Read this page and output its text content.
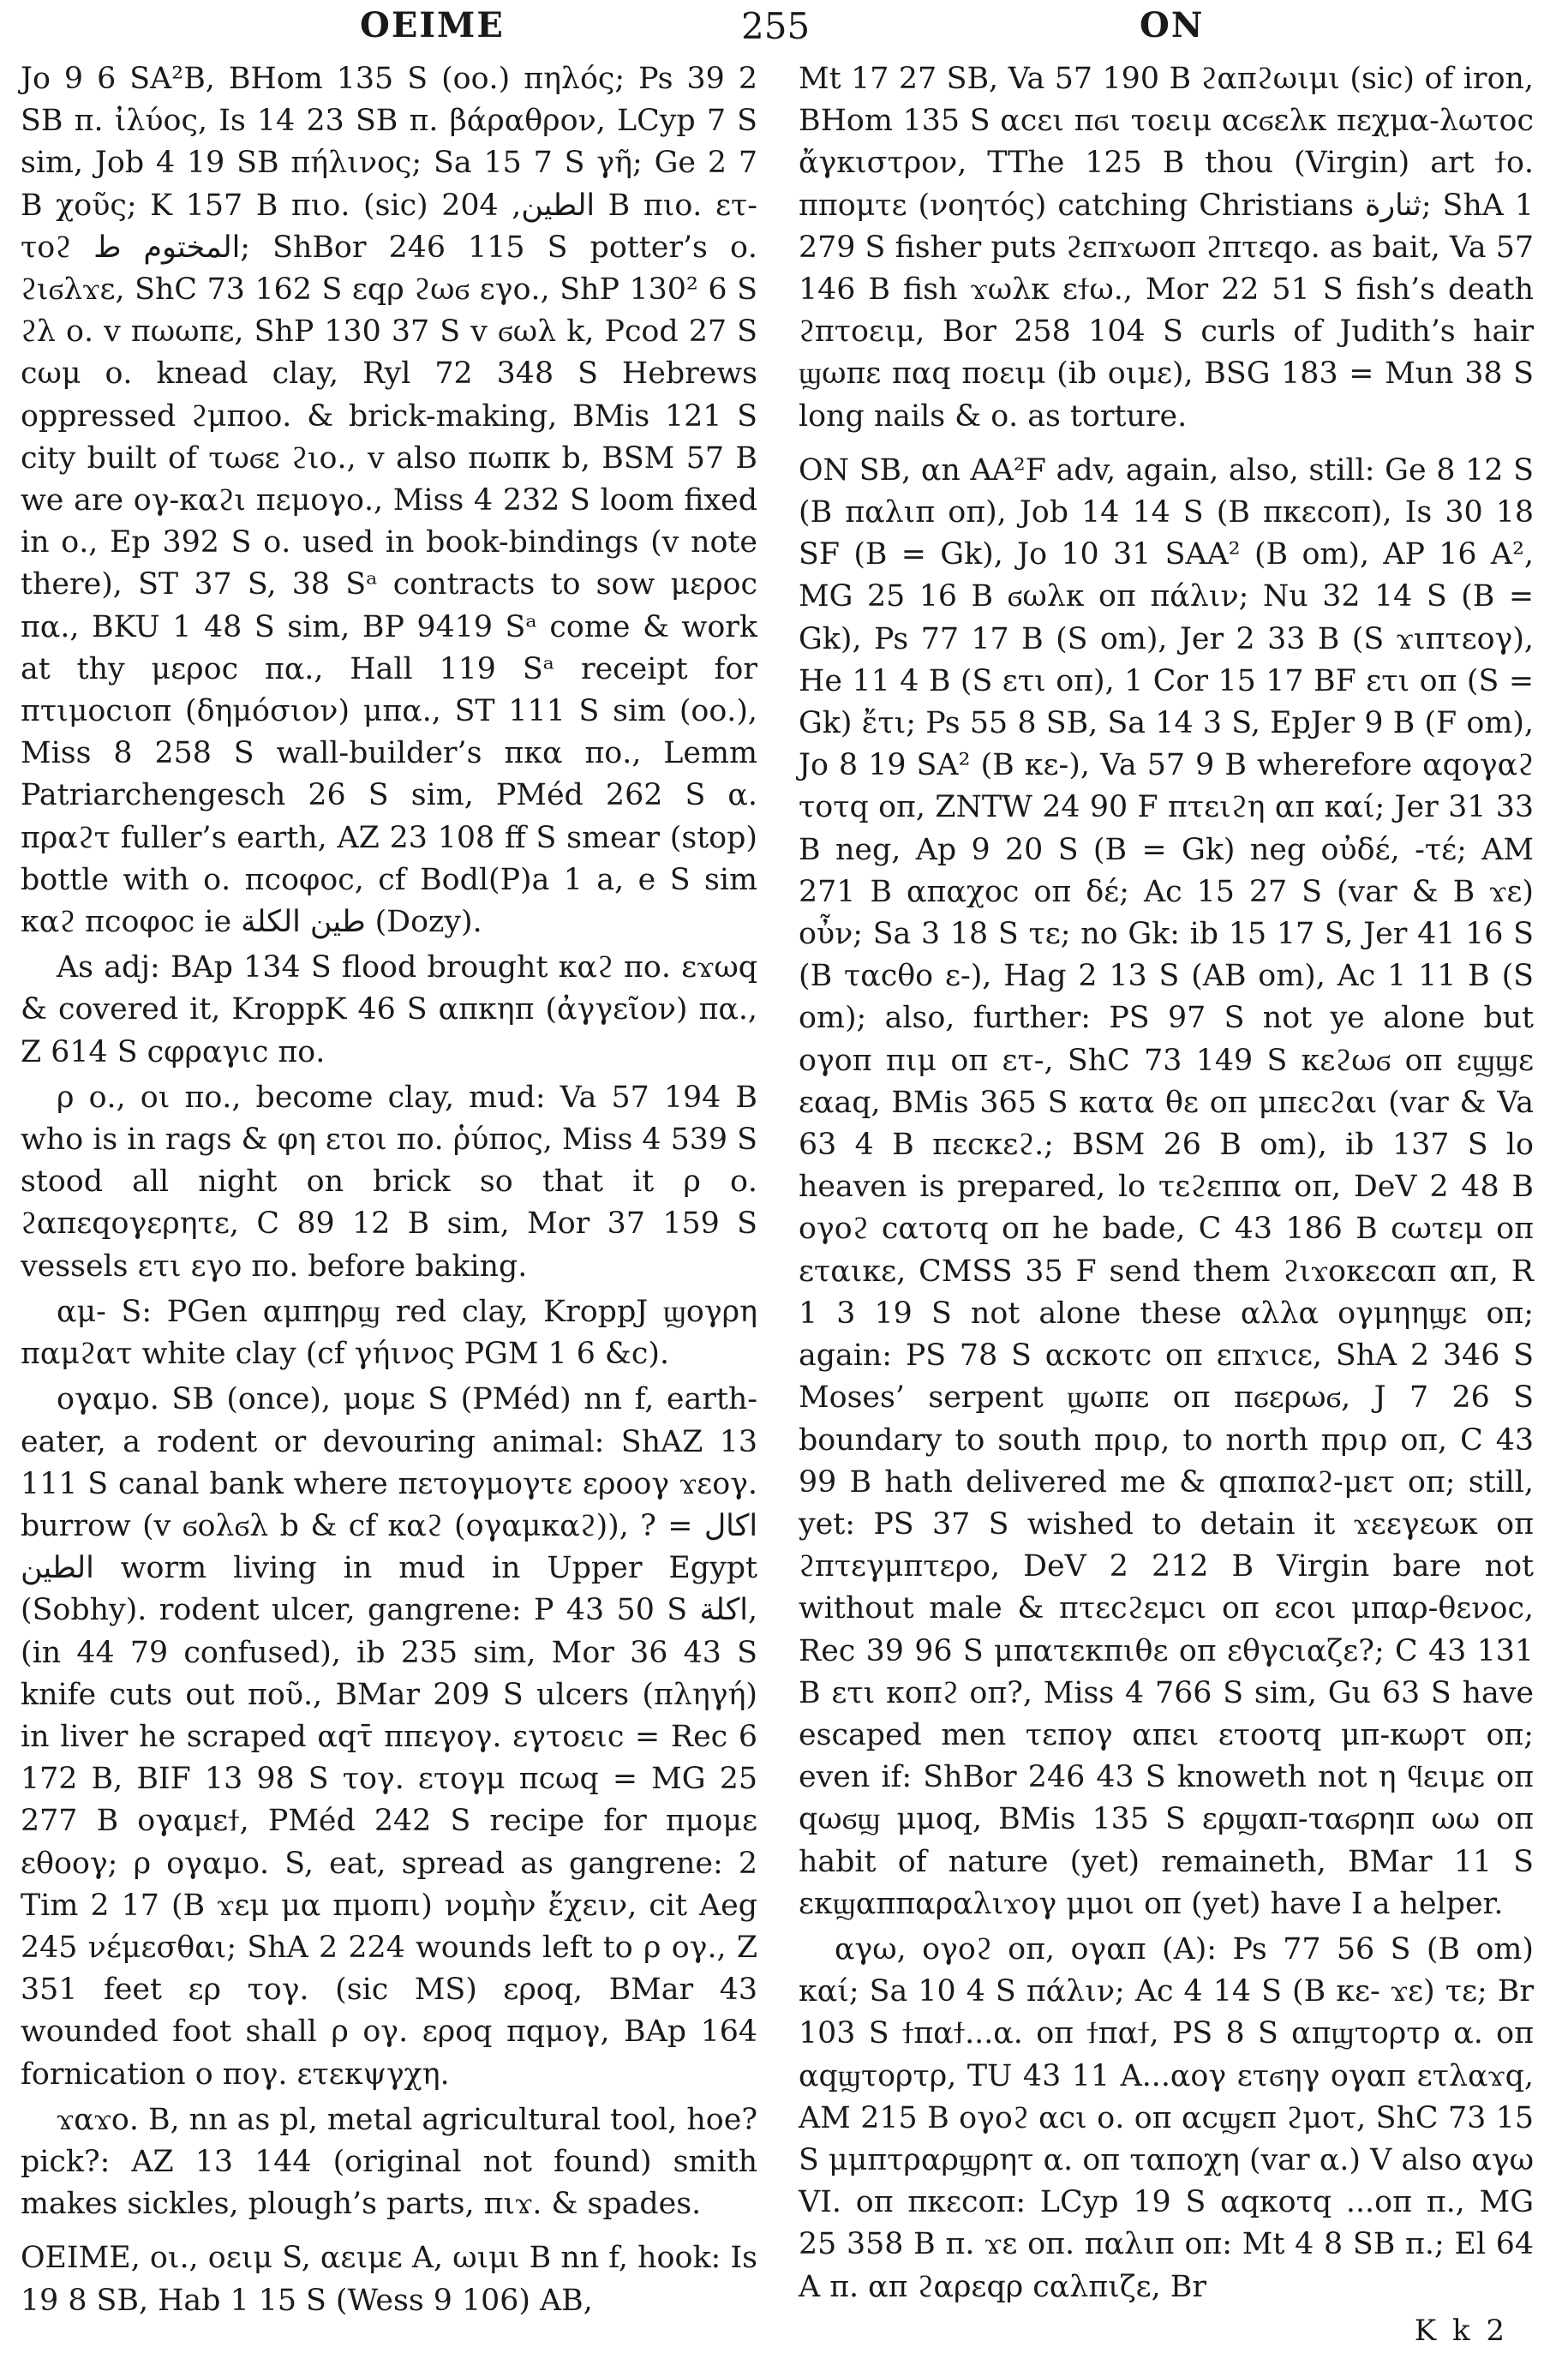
ΟΕΙΜΕ	255	ΟΝ

Jo 9 6 SA²B, BHom 135 S (οο.) πηλός; Ps 39 2 SB π. ἰλύος, Is 14 23 SB π. βάραθρον, LCyp 7 S sim, Job 4 19 SB πήλινος; Sa 15 7 S γῆ; Ge 2 7 B χοῦς; K 157 B πιο. (sic) الطين, 204 B πιο. ετ-τοϩ المختوم ط; ShBor 246 115 S potter’s ο. ϩιϭλϫε, ShC 73 162 S εqρ ϩωϭ εγο., ShP 130² 6 S ϩλ ο. v πωωπε, ShP 130 37 S v ϭωλ k, Pcod 27 S cωμ ο. knead clay, Ryl 72 348 S Hebrews oppressed ϩμποο. & brick-making, BMis 121 S city built of τωϭε ϩιο., v also πωπκ b, BSM 57 B we are ογ-καϩι πεμογο., Miss 4 232 S loom fixed in ο., Ep 392 S ο. used in book-bindings (v note there), ST 37 S, 38 Sᵃ contracts to sow μεροc πα., BKU 1 48 S sim, BP 9419 Sᵃ come & work at thy μεροc πα., Hall 119 Sᵃ receipt for πτιμοcιοπ (δημόσιον) μπα., ST 111 S sim (οο.), Miss 8 258 S wall-builder’s πκα πο., Lemm Patriarchengesch 26 S sim, PMéd 262 S α. πραϩτ fuller’s earth, AZ 23 108 ff S smear (stop) bottle with ο. πcοφοc, cf Bodl(P)a 1 a, e S sim καϩ πcοφοc ie طين الكلة (Dozy).

As adj: BAp 134 S flood brought καϩ πο. εϫωq & covered it, KroppK 46 S απκηπ (ἀγγεῖον) πα., Z 614 S cφραγιc πο.

ρ ο., οι πο., become clay, mud: Va 57 194 B who is in rags & φη ετοι πο. ῥύπος, Miss 4 539 S stood all night on brick so that it ρ ο. ϩαπεqογερητε, C 89 12 B sim, Mor 37 159 S vessels ετι εγο πο. before baking.

αμ- S: PGen αμπηρϣ red clay, KroppJ ϣογρη παμϩατ white clay (cf γήινος PGM 1 6 &c).

ογαμο. SB (once), μομε S (PMéd) nn f, earth-eater, a rodent or devouring animal: ShAZ 13 111 S canal bank where πετογμογτε εροογ ϫεογ. burrow (v ϭολϭλ b & cf καϩ (ογαμκαϩ)), ? = اكال الطين worm living in mud in Upper Egypt (Sobhy). rodent ulcer, gangrene: P 43 50 S اكلة, (in 44 79 confused), ib 235 sim, Mor 36 43 S knife cuts out ποῦ., BMar 209 S ulcers (πληγή) in liver he scraped αqτ̄ ππεγογ. εγτοειc = Rec 6 172 B, BIF 13 98 S τογ. ετογμ πcωq = MG 25 277 B ογαμεϯ, PMéd 242 S recipe for πμομε εθοογ; ρ ογαμο. S, eat, spread as gangrene: 2 Tim 2 17 (B ϫεμ μα πμοπι) νομὴν ἔχειν, cit Aeg 245 νέμεσθαι; ShA 2 224 wounds left to ρ ογ., Z 351 feet ερ τογ. (sic MS) εροq, BMar 43 wounded foot shall ρ ογ. εροq πqμογ, BAp 164 fornication ο πογ. ετεκψγχη.

ϫαϫο. B, nn as pl, metal agricultural tool, hoe? pick?: AZ 13 144 (original not found) smith makes sickles, plough’s parts, πιϫ. & spades.

ΟΕΙΜΕ, οι., οειμ S, αειμε A, ωιμι B nn f, hook: Is 19 8 SB, Hab 1 15 S (Wess 9 106) AB,

Mt 17 27 SB, Va 57 190 B ϩαπϩωιμι (sic) of iron, BHom 135 S αcει πϭι τοειμ αcϭελκ πεχμα-λωτοc ἄγκιστρον, TThe 125 B thou (Virgin) art ϯο. ππομτε (νοητός) catching Christians ثنارة; ShA 1 279 S fisher puts ϩεπϫωοπ ϩπτεqο. as bait, Va 57 146 B fish ϫωλκ εϯω., Mor 22 51 S fish’s death ϩπτοειμ, Bor 258 104 S curls of Judith’s hair ϣωπε παq ποειμ (ib οιμε), BSG 183 = Mun 38 S long nails & ο. as torture.

ΟΝ SB, αn AA²F adv, again, also, still: Ge 8 12 S (B παλιπ οπ), Job 14 14 S (B πκεcοπ), Is 30 18 SF (B = Gk), Jo 10 31 SAA² (B om), AP 16 A², MG 25 16 B ϭωλκ οπ πάλιν; Nu 32 14 S (B = Gk), Ps 77 17 B (S om), Jer 2 33 B (S ϫιπτεογ), He 11 4 B (S ετι οπ), 1 Cor 15 17 BF ετι οπ (S = Gk) ἔτι; Ps 55 8 SB, Sa 14 3 S, EpJer 9 B (F om), Jo 8 19 SA² (B κε-), Va 57 9 B wherefore αqογαϩ τοτq οπ, ZNTW 24 90 F πτειϩη απ καί; Jer 31 33 B neg, Ap 9 20 S (B = Gk) neg οὐδέ, -τέ; AM 271 B απαχοc οπ δέ; Ac 15 27 S (var & B ϫε) οὖν; Sa 3 18 S τε; no Gk: ib 15 17 S, Jer 41 16 S (B ταcθο ε-), Hag 2 13 S (AB om), Ac 1 11 B (S om); also, further: PS 97 S not ye alone but ογοπ πιμ οπ ετ-, ShC 73 149 S κεϩωϭ οπ εϣϣε εαaq, BMis 365 S κατα θε οπ μπεcϩαι (var & Va 63 4 B πεcκεϩ.; BSM 26 B om), ib 137 S lo heaven is prepared, lo τεϩεππα οπ, DeV 2 48 B ογοϩ cατοτq οπ he bade, C 43 186 B cωτεμ οπ εταικε, CMSS 35 F send them ϩιϫοκεcαπ απ, R 1 3 19 S not alone these αλλα ογμηηϣε οπ; again: PS 78 S αcκοτc οπ επϫιcε, ShA 2 346 S Moses’ serpent ϣωπε οπ πϭερωϭ, J 7 26 S boundary to south πριρ, to north πριρ οπ, C 43 99 B hath delivered me & qπαπαϩ-μετ οπ; still, yet: PS 37 S wished to detain it ϫεεγεωκ οπ ϩπτεγμπτερο, DeV 2 212 B Virgin bare not without male & πτεcϩεμcι οπ εcοι μπαρ-θενοc, Rec 39 96 S μπατεκπιθε οπ εθγcιαζε?; C 43 131 B ετι κοπϩ οπ?, Miss 4 766 S sim, Gu 63 S have escaped men τεπογ απει ετοοτq μπ-κωρτ οπ; even if: ShBor 246 43 S knoweth not η ϥειμε οπ qωϭϣ μμοq, BMis 135 S ερϣαπ-ταϭρηπ ωω οπ habit of nature (yet) remaineth, BMar 11 S εκϣαππαραλιϫογ μμοι οπ (yet) have I a helper.

αγω, ογοϩ οπ, ογαπ (A): Ps 77 56 S (B om) καί; Sa 10 4 S πάλιν; Ac 4 14 S (B κε- ϫε) τε; Br 103 S ϯπαϯ...α. οπ ϯπαϯ, PS 8 S απϣτορτρ α. οπ αqϣτορτρ, TU 43 11 A...αογ ετϭηγ ογαπ ετλαϫq, AM 215 B ογοϩ αcι ο. οπ αcϣεπ ϩμοτ, ShC 73 15 S μμπτραρϣρητ α. οπ ταποχη (var α.) V also αγω VI. οπ πκεcοπ: LCyp 19 S αqκοτq ...οπ π., MG 25 358 B π. ϫε οπ. παλιπ οπ: Mt 4 8 SB π.; El 64 A π. απ ϩαρεqρ cαλπιζε, Br

K k 2
